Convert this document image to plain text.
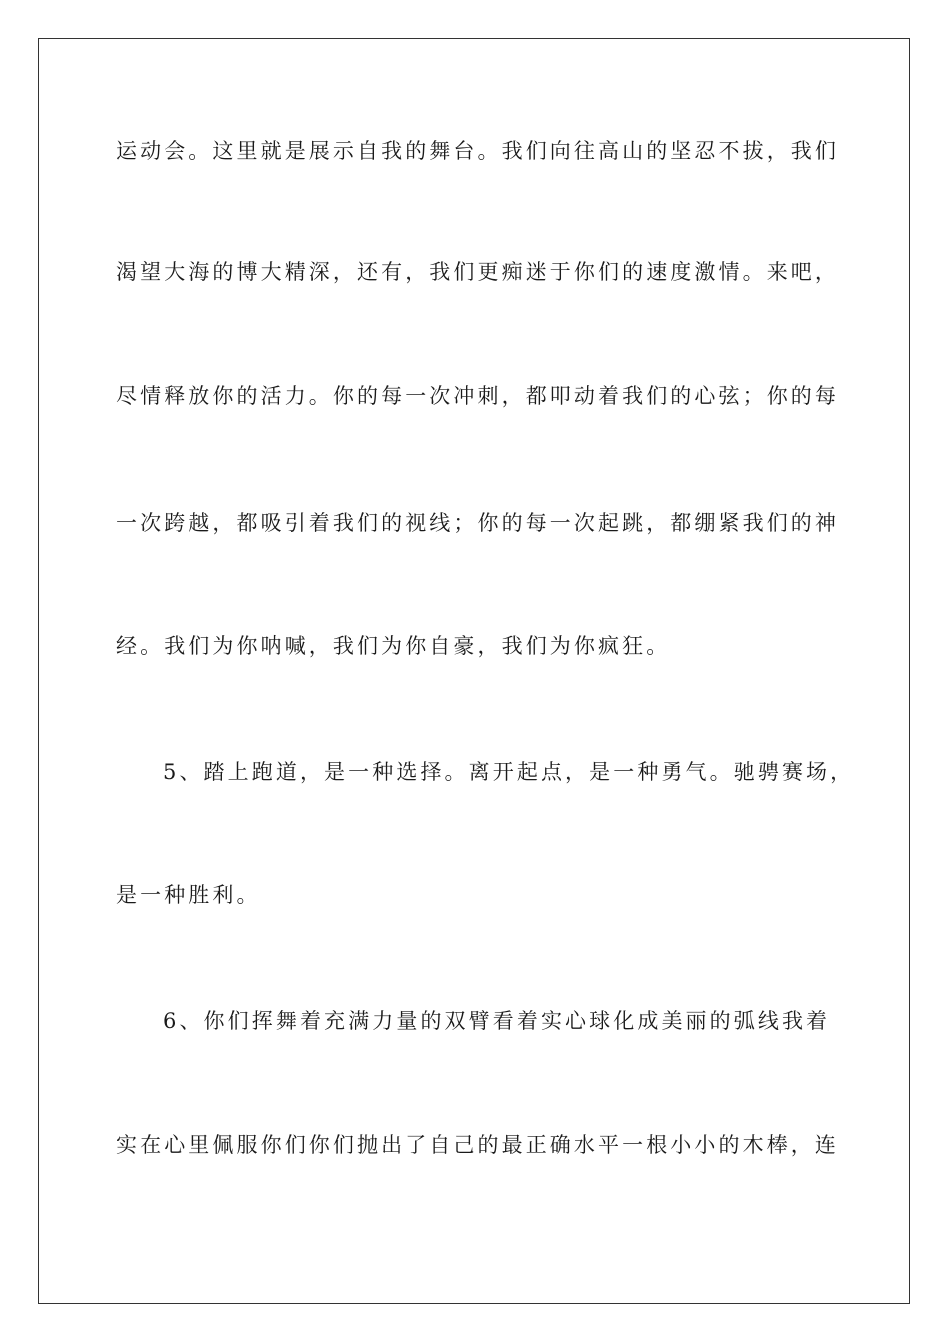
运动会。这里就是展示自我的舞台。我们向往高山的坚忍不拔，我们
渴望大海的博大精深，还有，我们更痴迷于你们的速度激情。来吧，
尽情释放你的活力。你的每一次冲刺，都叩动着我们的心弦；你的每
一次跨越，都吸引着我们的视线；你的每一次起跳，都绷紧我们的神
经。我们为你呐喊，我们为你自豪，我们为你疯狂。
5、踏上跑道，是一种选择。离开起点，是一种勇气。驰骋赛场，
是一种胜利。
6、你们挥舞着充满力量的双臂看着实心球化成美丽的弧线我着
实在心里佩服你们你们抛出了自己的最正确水平一根小小的木棒，连
